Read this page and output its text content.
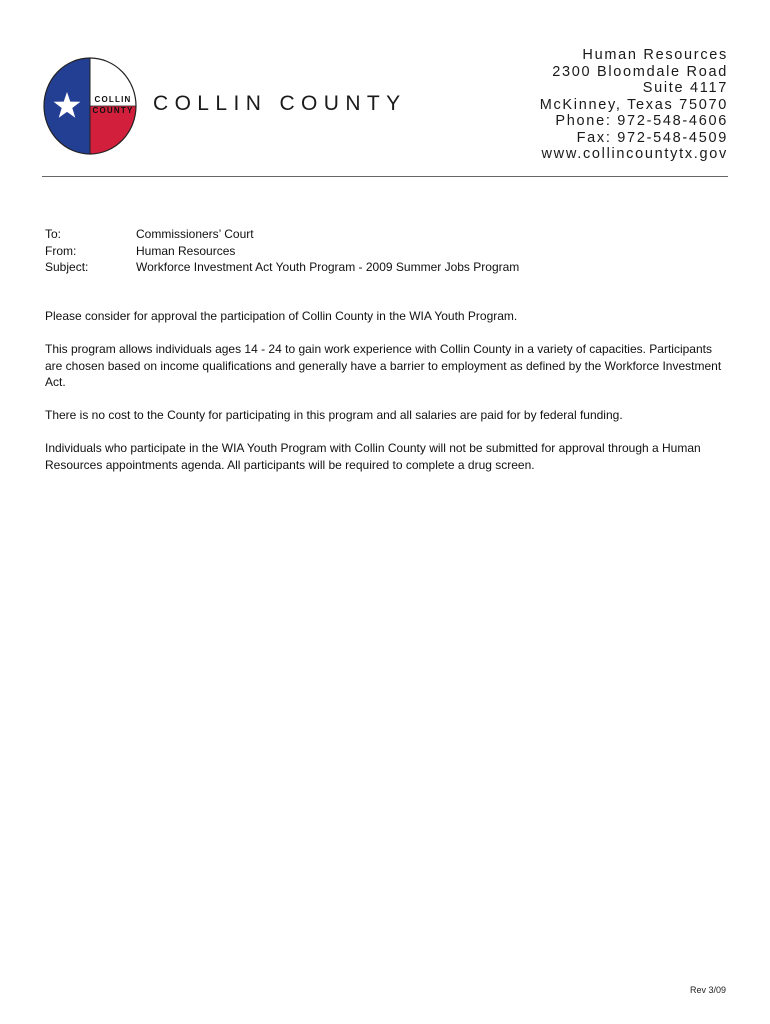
COLLIN
COUNTY COLLIN COUNTY
Human Resources
2300 Bloomdale Road
Suite 4117
McKinney, Texas 75070
Phone: 972-548-4606
Fax: 972-548-4509
www.collincountytx.gov
To:	Commissioners’ Court
From:	Human Resources
Subject:	Workforce Investment Act Youth Program - 2009 Summer Jobs Program

Please consider for approval the participation of Collin County in the WIA Youth Program.

This program allows individuals ages 14 - 24 to gain work experience with Collin County in a variety of capacities. Participants are chosen based on income qualifications and generally have a barrier to employment as defined by the Workforce Investment Act.

There is no cost to the County for participating in this program and all salaries are paid for by federal funding.

Individuals who participate in the WIA Youth Program with Collin County will not be submitted for approval through a Human Resources appointments agenda. All participants will be required to complete a drug screen.

Rev 3/09
